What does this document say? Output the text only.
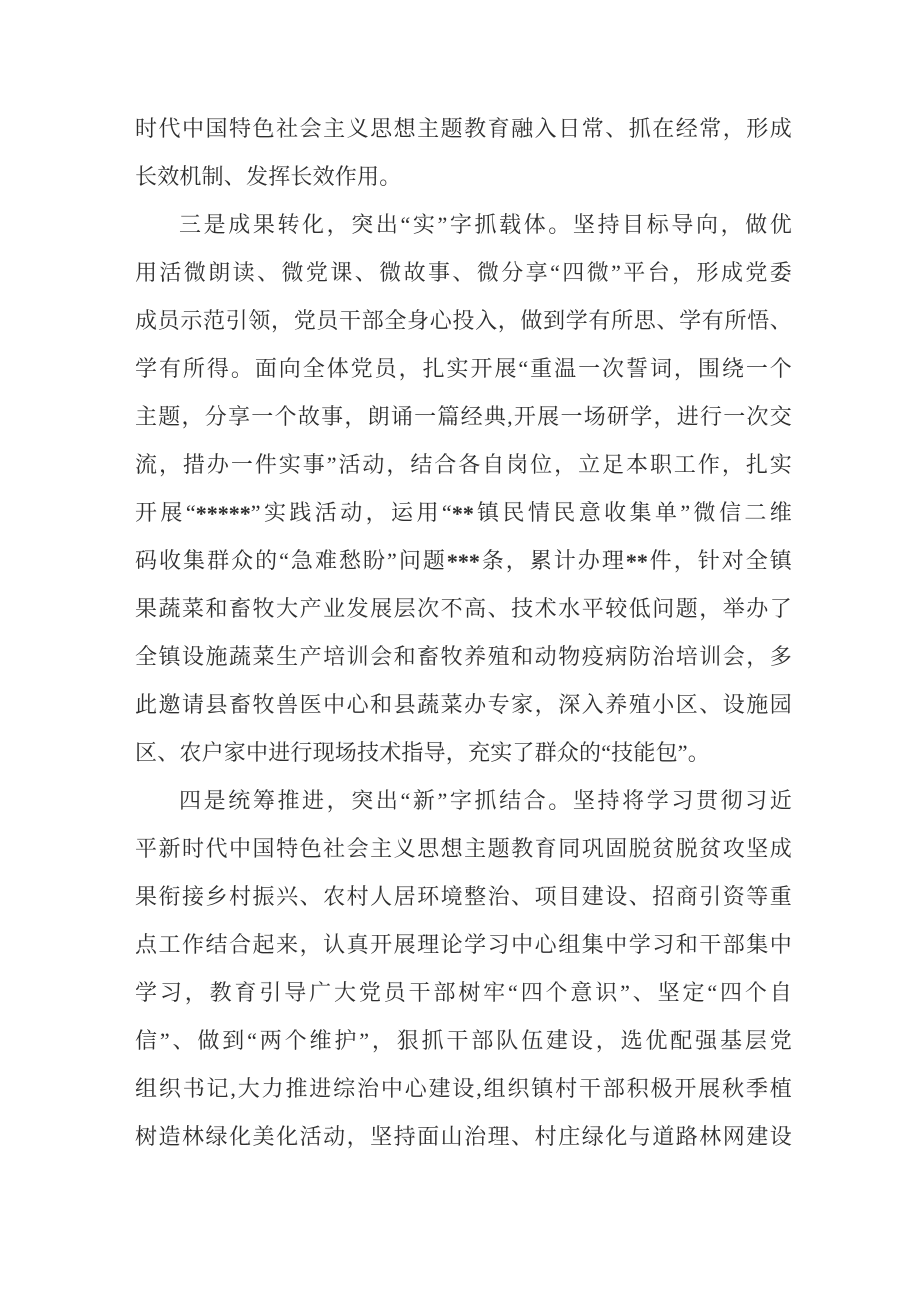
时代中国特色社会主义思想主题教育融入日常、抓在经常，形成
长效机制、发挥长效作用。
三是成果转化，突出“实”字抓载体。坚持目标导向，做优
用活微朗读、微党课、微故事、微分享“四微”平台，形成党委
成员示范引领，党员干部全身心投入，做到学有所思、学有所悟、
学有所得。面向全体党员，扎实开展“重温一次誓词，围绕一个
主题，分享一个故事，朗诵一篇经典,开展一场研学，进行一次交
流，措办一件实事”活动，结合各自岗位，立足本职工作，扎实
开展“*****”实践活动，运用“**镇民情民意收集单”微信二维
码收集群众的“急难愁盼”问题***条，累计办理**件，针对全镇
果蔬菜和畜牧大产业发展层次不高、技术水平较低问题，举办了
全镇设施蔬菜生产培训会和畜牧养殖和动物疫病防治培训会，多
此邀请县畜牧兽医中心和县蔬菜办专家，深入养殖小区、设施园
区、农户家中进行现场技术指导，充实了群众的“技能包”。
四是统筹推进，突出“新”字抓结合。坚持将学习贯彻习近
平新时代中国特色社会主义思想主题教育同巩固脱贫脱贫攻坚成
果衔接乡村振兴、农村人居环境整治、项目建设、招商引资等重
点工作结合起来，认真开展理论学习中心组集中学习和干部集中
学习，教育引导广大党员干部树牢“四个意识”、坚定“四个自
信”、做到“两个维护”，狠抓干部队伍建设，选优配强基层党
组织书记,大力推进综治中心建设,组织镇村干部积极开展秋季植
树造林绿化美化活动，坚持面山治理、村庄绿化与道路林网建设
